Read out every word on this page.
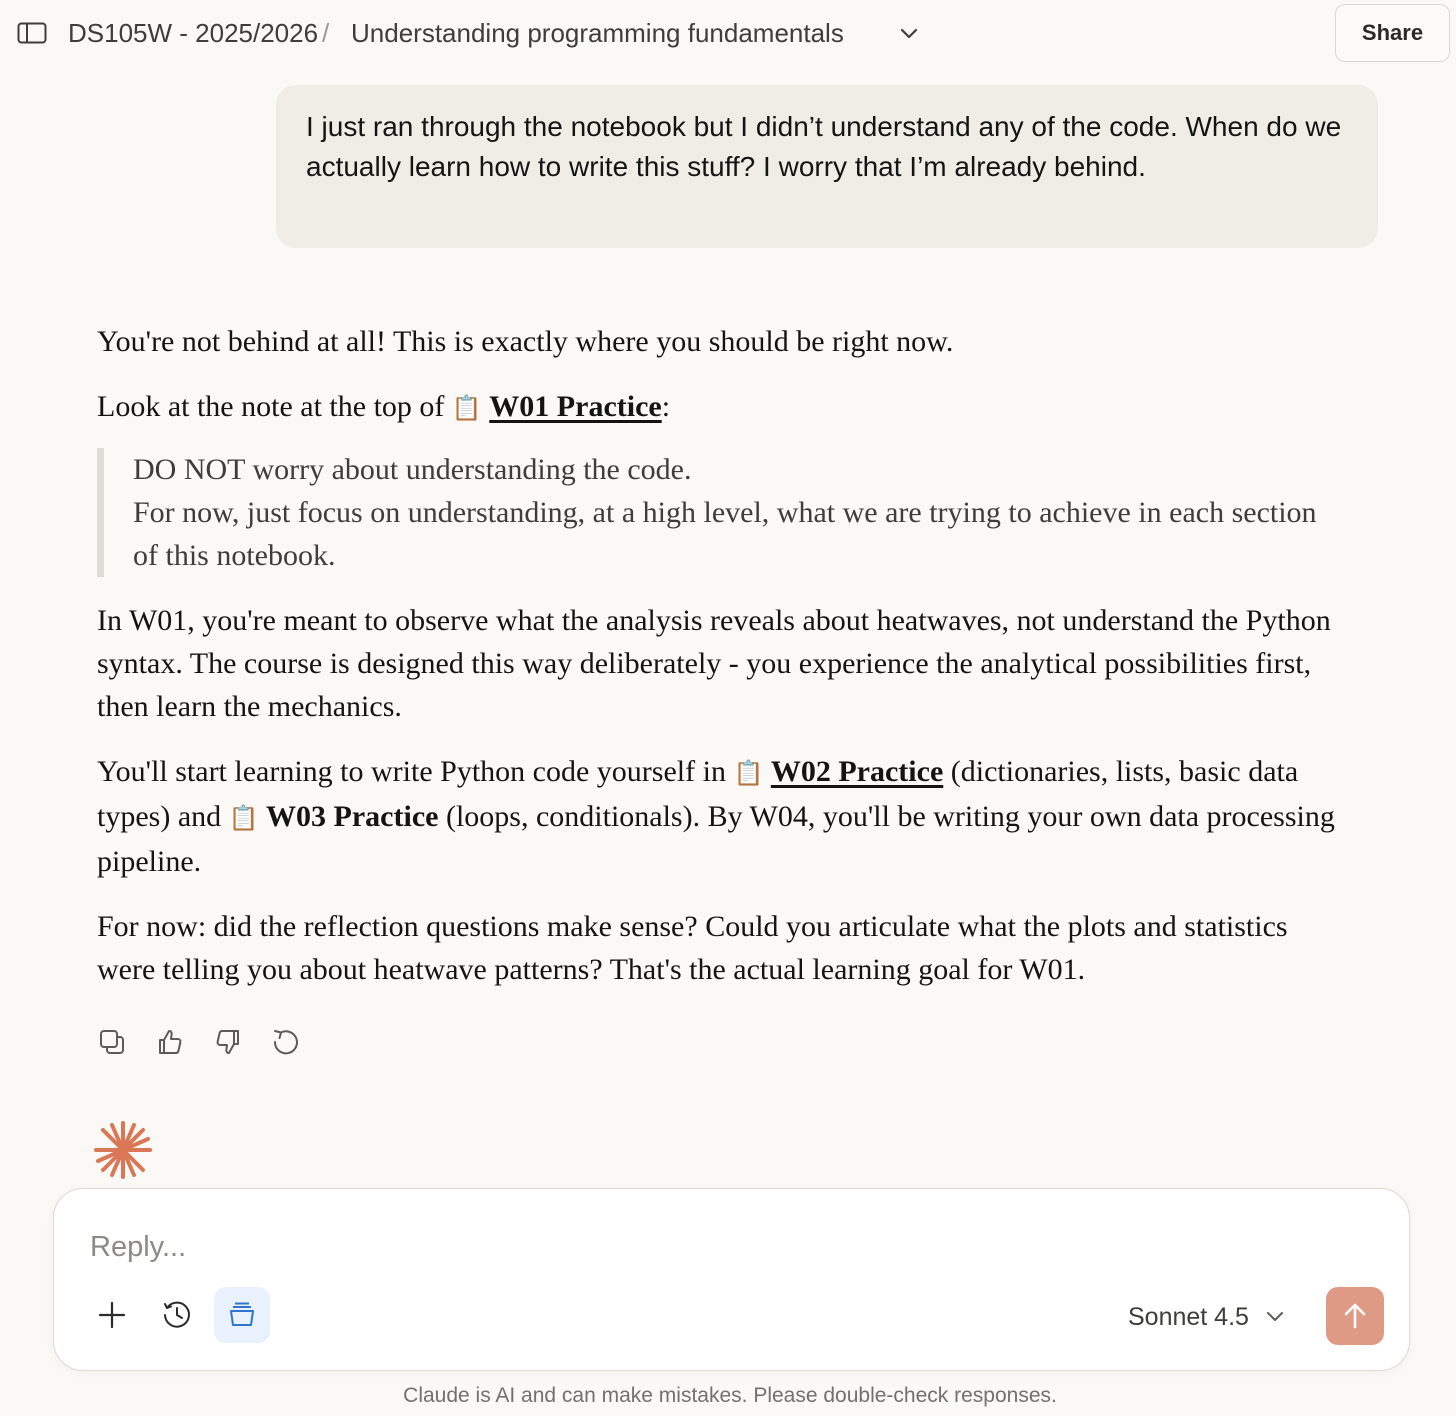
DS105W - 2025/2026 / Understanding programming fundamentals	Share
I just ran through the notebook but I didn’t understand any of the code. When do we actually learn how to write this stuff? I worry that I’m already behind.

You're not behind at all! This is exactly where you should be right now.

Look at the note at the top of 📋 W01 Practice:

DO NOT worry about understanding the code.
For now, just focus on understanding, at a high level, what we are trying to achieve in each section of this notebook.

In W01, you're meant to observe what the analysis reveals about heatwaves, not understand the Python syntax. The course is designed this way deliberately - you experience the analytical possibilities first, then learn the mechanics.

You'll start learning to write Python code yourself in 📋 W02 Practice (dictionaries, lists, basic data types) and 📋 W03 Practice (loops, conditionals). By W04, you'll be writing your own data processing pipeline.

For now: did the reflection questions make sense? Could you articulate what the plots and statistics were telling you about heatwave patterns? That's the actual learning goal for W01.

Reply...
Sonnet 4.5
Claude is AI and can make mistakes. Please double-check responses.
